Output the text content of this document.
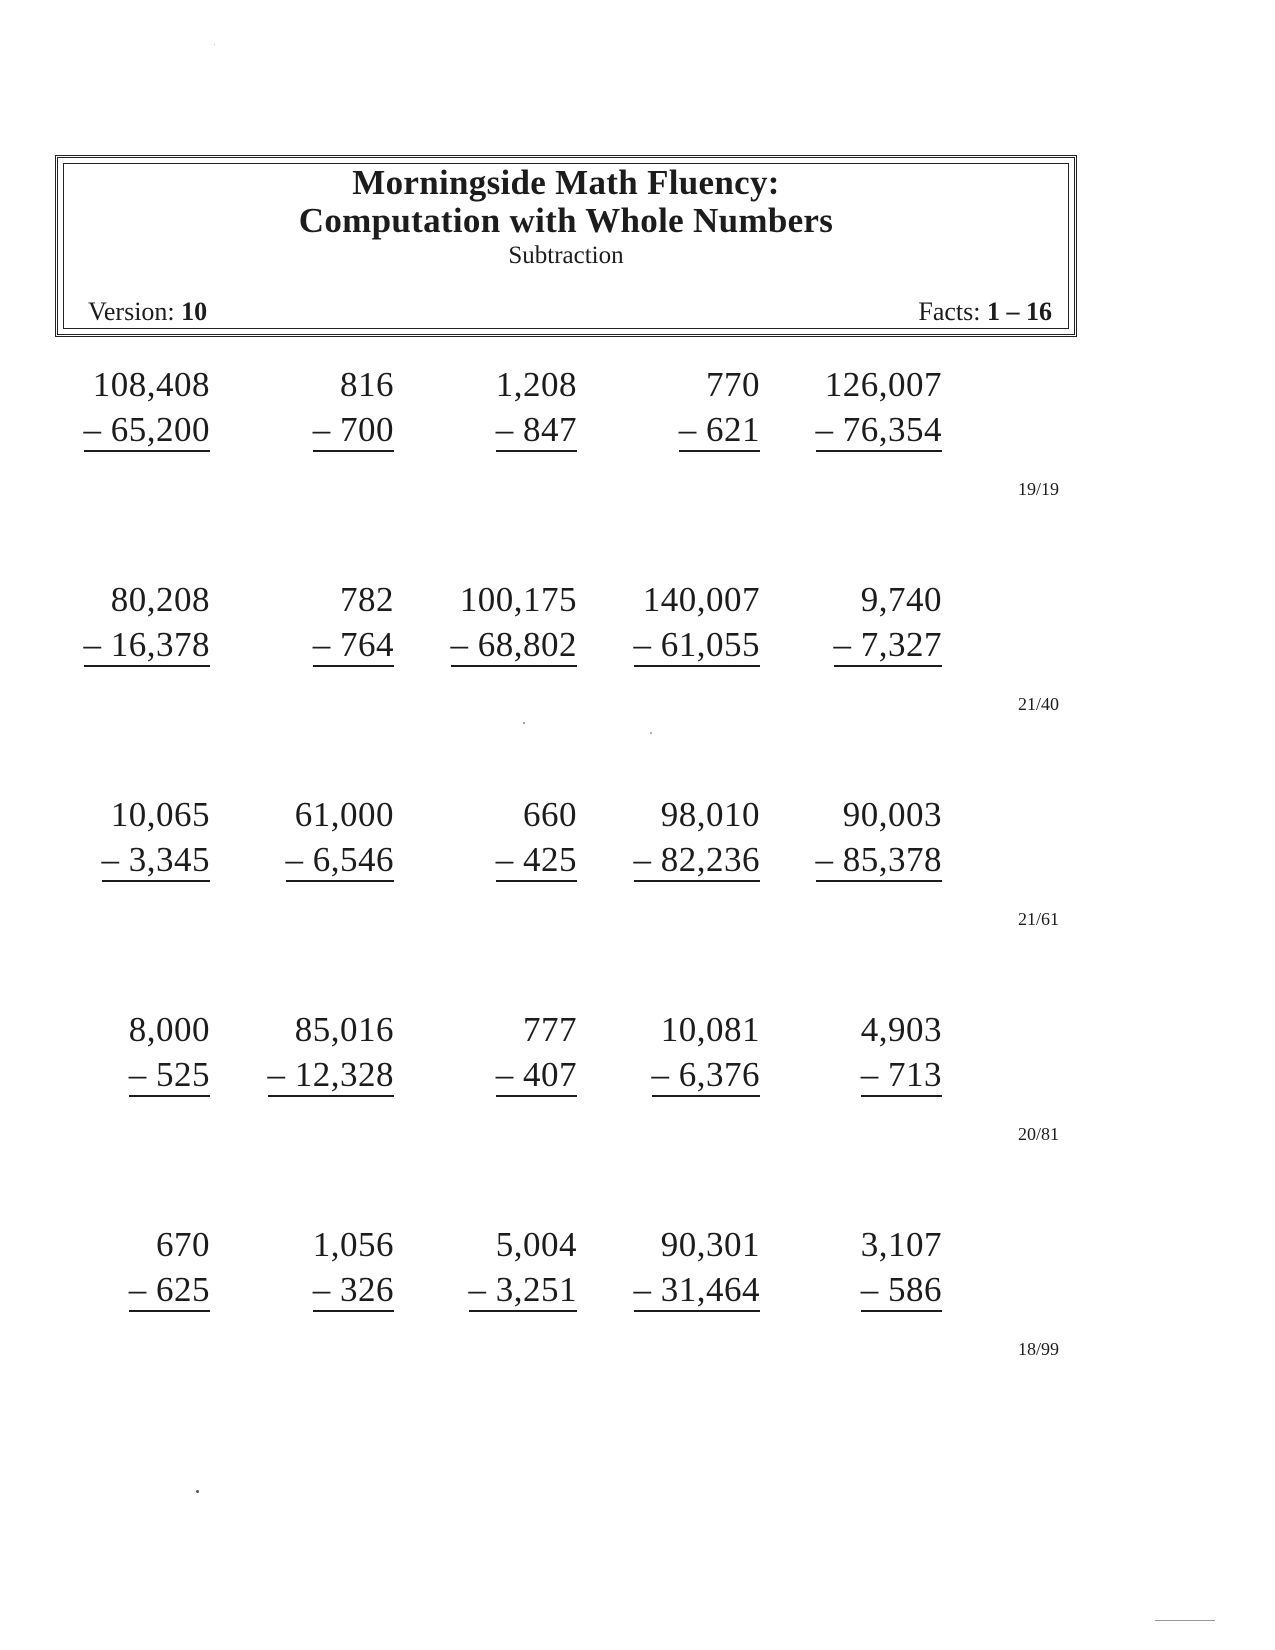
Morningside Math Fluency:
Computation with Whole Numbers
Subtraction
Version: 10	Facts: 1 – 16
108,408
– 65,200
816
– 700
1,208
– 847
770
– 621
126,007
– 76,354
19/19
80,208
– 16,378
782
– 764
100,175
– 68,802
140,007
– 61,055
9,740
– 7,327
21/40
10,065
– 3,345
61,000
– 6,546
660
– 425
98,010
– 82,236
90,003
– 85,378
21/61
8,000
– 525
85,016
– 12,328
777
– 407
10,081
– 6,376
4,903
– 713
20/81
670
– 625
1,056
– 326
5,004
– 3,251
90,301
– 31,464
3,107
– 586
18/99
